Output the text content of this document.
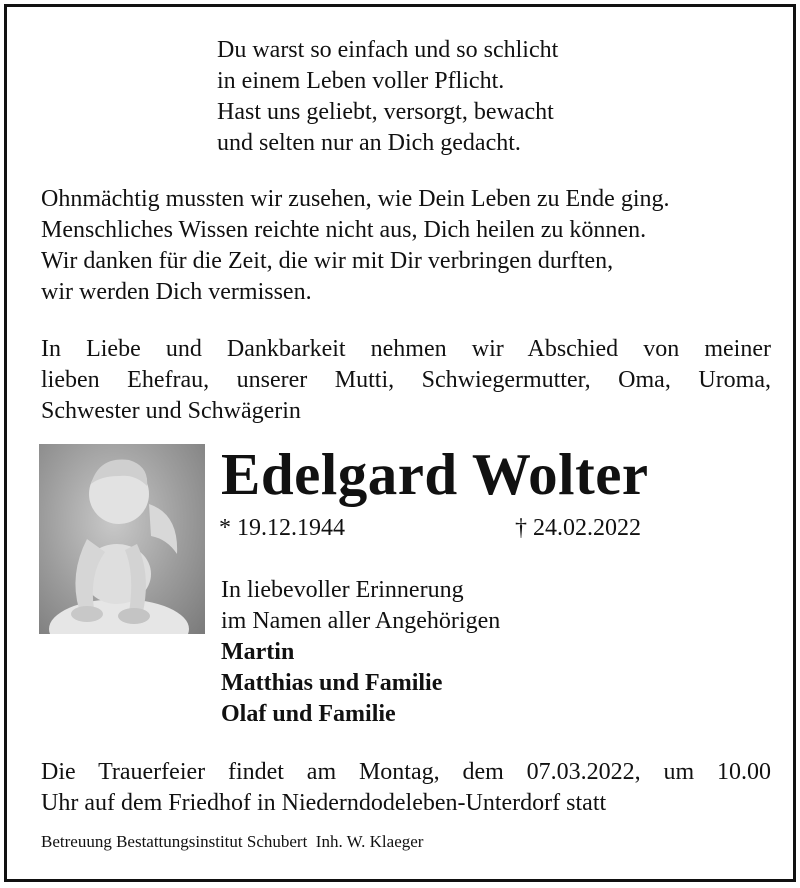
Du warst so einfach und so schlicht
in einem Leben voller Pflicht.
Hast uns geliebt, versorgt, bewacht
und selten nur an Dich gedacht.
Ohnmächtig mussten wir zusehen, wie Dein Leben zu Ende ging.
Menschliches Wissen reichte nicht aus, Dich heilen zu können.
Wir danken für die Zeit, die wir mit Dir verbringen durften,
wir werden Dich vermissen.
In Liebe und Dankbarkeit nehmen wir Abschied von meiner
lieben Ehefrau, unserer Mutti, Schwiegermutter, Oma, Uroma,
Schwester und Schwägerin
Edelgard Wolter
* 19.12.1944	† 24.02.2022
In liebevoller Erinnerung
im Namen aller Angehörigen
Martin
Matthias und Familie
Olaf und Familie
Die Trauerfeier findet am Montag, dem 07.03.2022, um 10.00
Uhr auf dem Friedhof in Niederndodeleben-Unterdorf statt
Betreuung Bestattungsinstitut Schubert  Inh. W. Klaeger
